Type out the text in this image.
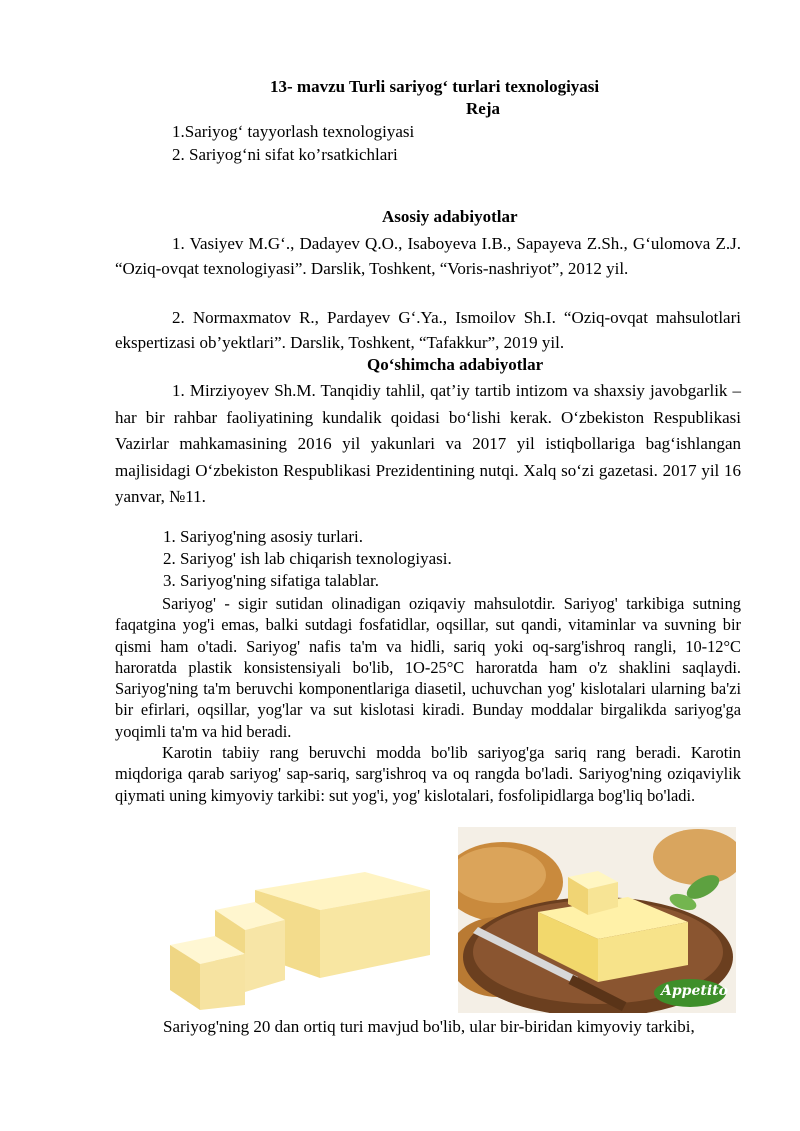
13- mavzu Turli sariyog‘ turlari texnologiyasi
Reja
1.Sariyog‘ tayyorlash texnologiyasi
2. Sariyog‘ni sifat ko’rsatkichlari
Asosiy adabiyotlar
1. Vasiyev M.G‘., Dadayev Q.O., Isaboyeva I.B., Sapayeva Z.Sh., G‘ulomova Z.J. “Oziq-ovqat texnologiyasi”. Darslik, Toshkent, “Voris-nashriyot”, 2012 yil.
2. Normaxmatov R., Pardayev G‘.Ya., Ismoilov Sh.I. “Oziq-ovqat mahsulotlari ekspertizasi ob’yektlari”. Darslik, Toshkent, “Tafakkur”, 2019 yil.
Qo‘shimcha adabiyotlar
1. Mirziyoyev Sh.M. Tanqidiy tahlil, qat’iy tartib intizom va shaxsiy javobgarlik – har bir rahbar faoliyatining kundalik qoidasi bo‘lishi kerak. O‘zbekiston Respublikasi Vazirlar mahkamasining 2016 yil yakunlari va 2017 yil istiqbollariga bag‘ishlangan majlisidagi O‘zbekiston Respublikasi Prezidentining nutqi. Xalq so‘zi gazetasi. 2017 yil 16 yanvar, №11.
1. Sariyog'ning asosiy turlari.
2. Sariyog' ish lab chiqarish texnologiyasi.
3. Sariyog'ning sifatiga talablar.
Sariyog' - sigir sutidan olinadigan oziqaviy mahsulotdir. Sariyog' tarkibiga sutning faqatgina yog'i emas, balki sutdagi fosfatidlar, oqsillar, sut qandi, vitaminlar va suvning bir qismi ham o'tadi. Sariyog' nafis ta'm va hidli, sariq yoki oq-sarg'ishroq rangli, 10-12°C haroratda plastik konsistensiyali bo'lib, 1O-25°C haroratda ham o'z shaklini saqlaydi. Sariyog'ning ta'm beruvchi komponentlariga diasetil, uchuvchan yog' kislotalari ularning ba'zi bir efirlari, oqsillar, yog'lar va sut kislotasi kiradi. Bunday moddalar birgalikda sariyog'ga yoqimli ta'm va hid beradi.
Karotin tabiiy rang beruvchi modda bo'lib sariyog'ga sariq rang beradi. Karotin miqdoriga qarab sariyog' sap-sariq, sarg'ishroq va oq rangda bo'ladi. Sariyog'ning oziqaviylik qiymati uning kimyoviy tarkibi: sut yog'i, yog' kislotalari, fosfolipidlarga bog'liq bo'ladi.
Appetito
Sariyog'ning 20 dan ortiq turi mavjud bo'lib, ular bir-biridan kimyoviy tarkibi,
